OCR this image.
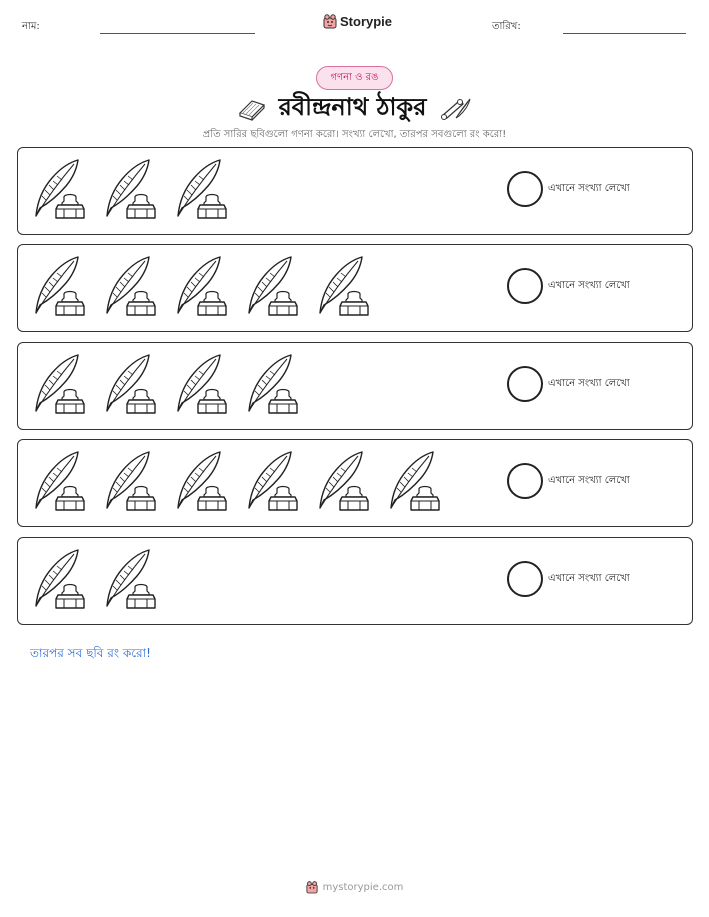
নাম:	Storypie	তারিখ:
গণনা ও রঙ
রবীন্দ্রনাথ ঠাকুর
প্রতি সারির ছবিগুলো গণনা করো। সংখ্যা লেখো, তারপর সবগুলো রং করো!
এখানে সংখ্যা লেখো
এখানে সংখ্যা লেখো
এখানে সংখ্যা লেখো
এখানে সংখ্যা লেখো
এখানে সংখ্যা লেখো
তারপর সব ছবি রং করো!
mystorypie.com
